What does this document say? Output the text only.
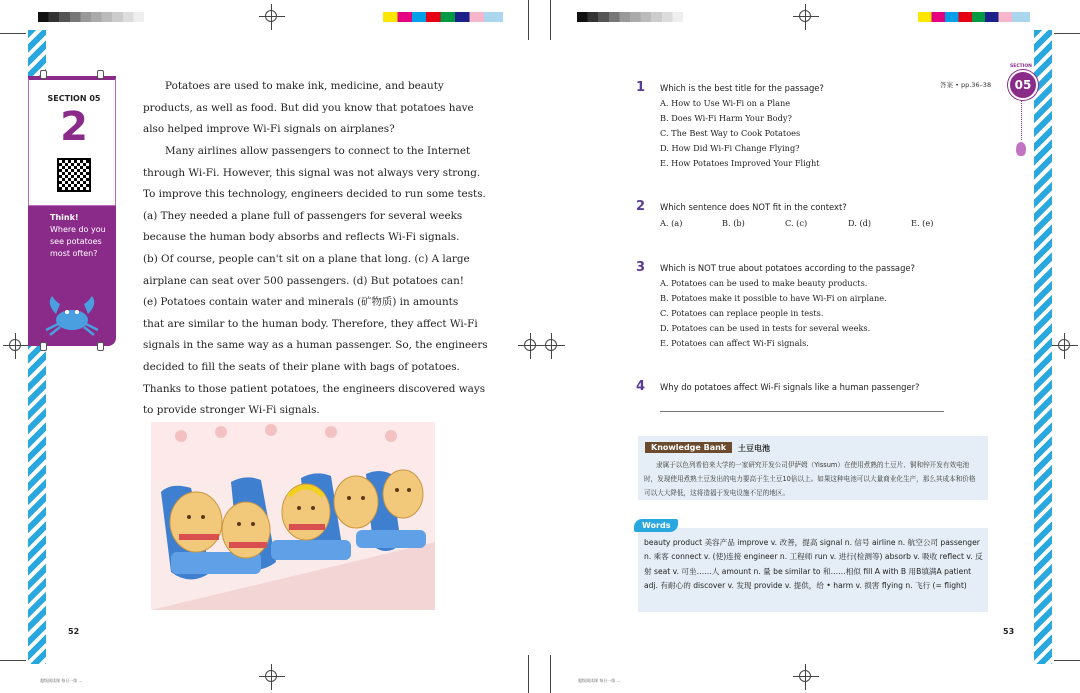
SECTION 05
2
Think!
Where do you
see potatoes
most often?
Potatoes are used to make ink, medicine, and beauty
products, as well as food. But did you know that potatoes have
also helped improve Wi-Fi signals on airplanes?
Many airlines allow passengers to connect to the Internet
through Wi-Fi. However, this signal was not always very strong.
To improve this technology, engineers decided to run some tests.
(a) They needed a plane full of passengers for several weeks
because the human body absorbs and reflects Wi-Fi signals.
(b) Of course, people can't sit on a plane that long. (c) A large
airplane can seat over 500 passengers. (d) But potatoes can!
(e) Potatoes contain water and minerals (矿物质) in amounts
that are similar to the human body. Therefore, they affect Wi-Fi
signals in the same way as a human passenger. So, the engineers
decided to fill the seats of their plane with bags of potatoes.
Thanks to those patient potatoes, the engineers discovered ways
to provide stronger Wi-Fi signals.
52
超级阅读课 每日一练 ...
SECTION
05
答案 • pp.36–38
1 Which is the best title for the passage?
A. How to Use Wi-Fi on a Plane
B. Does Wi-Fi Harm Your Body?
C. The Best Way to Cook Potatoes
D. How Did Wi-Fi Change Flying?
E. How Potatoes Improved Your Flight
2 Which sentence does NOT fit in the context?
A. (a)	B. (b)	C. (c)	D. (d)	E. (e)
3 Which is NOT true about potatoes according to the passage?
A. Potatoes can be used to make beauty products.
B. Potatoes make it possible to have Wi-Fi on airplane.
C. Potatoes can replace people in tests.
D. Potatoes can be used in tests for several weeks.
E. Potatoes can affect Wi-Fi signals.
4 Why do potatoes affect Wi-Fi signals like a human passenger?
Knowledge Bank	土豆电池
隶属于以色列希伯来大学的一家研究开发公司伊萨姆（Yissum）在使用煮熟的土豆片、铜和锌开发有效电池时，发现使用煮熟土豆发出的电力要高于生土豆10倍以上。如果这种电池可以大量商业化生产，那么其成本和价格可以大大降低，这将造福于发电设施不足的地区。
Words
beauty product 美容产品 improve v. 改善，提高 signal n. 信号 airline n. 航空公司 passenger n. 乘客 connect v. (使)连接 engineer n. 工程师 run v. 进行(检测等) absorb v. 吸收 reflect v. 反射 seat v. 可坐……人 amount n. 量 be similar to 和……相似 fill A with B 用B填满A patient adj. 有耐心的 discover v. 发现 provide v. 提供，给 • harm v. 损害 flying n. 飞行 (= flight)
53
超级阅读课 每日一练 ...
